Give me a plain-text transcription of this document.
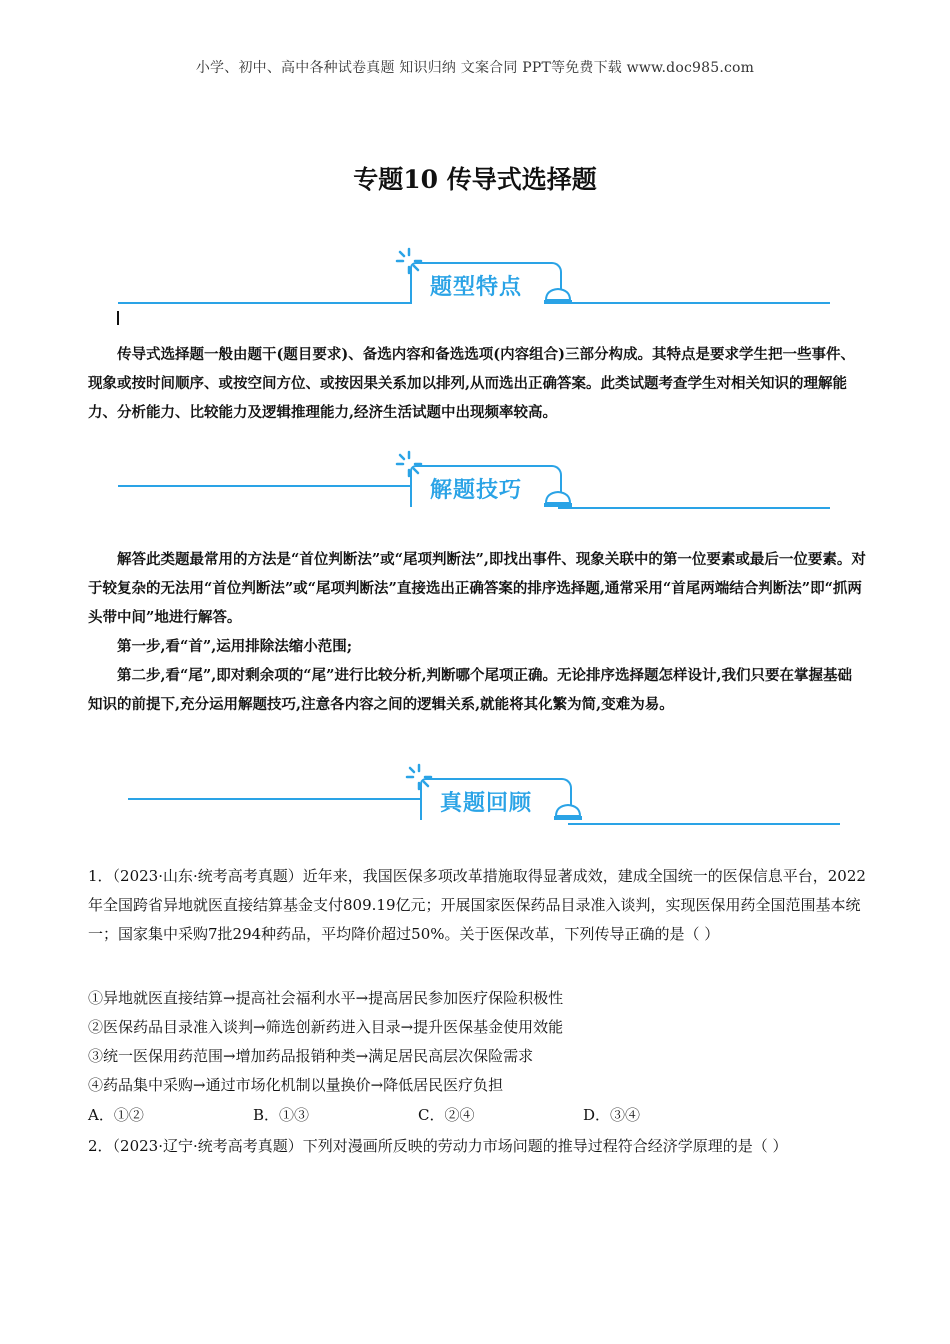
小学、初中、高中各种试卷真题 知识归纳 文案合同 PPT等免费下载 www.doc985.com
专题10 传导式选择题
题型特点
传导式选择题一般由题干(题目要求)、备选内容和备选选项(内容组合)三部分构成。其特点是要求学生把一些事件、现象或按时间顺序、或按空间方位、或按因果关系加以排列,从而选出正确答案。此类试题考查学生对相关知识的理解能力、分析能力、比较能力及逻辑推理能力,经济生活试题中出现频率较高。
解题技巧
解答此类题最常用的方法是“首位判断法”或“尾项判断法”,即找出事件、现象关联中的第一位要素或最后一位要素。对于较复杂的无法用“首位判断法”或“尾项判断法”直接选出正确答案的排序选择题,通常采用“首尾两端结合判断法”即“抓两头带中间”地进行解答。
第一步,看“首”,运用排除法缩小范围;
第二步,看“尾”,即对剩余项的“尾”进行比较分析,判断哪个尾项正确。无论排序选择题怎样设计,我们只要在掌握基础知识的前提下,充分运用解题技巧,注意各内容之间的逻辑关系,就能将其化繁为简,变难为易。
真题回顾
1．（2023·山东·统考高考真题）近年来，我国医保多项改革措施取得显著成效，建成全国统一的医保信息平台，2022年全国跨省异地就医直接结算基金支付809.19亿元；开展国家医保药品目录准入谈判，实现医保用药全国范围基本统一；国家集中采购7批294种药品，平均降价超过50%。关于医保改革，下列传导正确的是（ ）
①异地就医直接结算→提高社会福利水平→提高居民参加医疗保险积极性
②医保药品目录准入谈判→筛选创新药进入目录→提升医保基金使用效能
③统一医保用药范围→增加药品报销种类→满足居民高层次保险需求
④药品集中采购→通过市场化机制以量换价→降低居民医疗负担
A．①②	B．①③	C．②④	D．③④
2．（2023·辽宁·统考高考真题）下列对漫画所反映的劳动力市场问题的推导过程符合经济学原理的是（ ）
